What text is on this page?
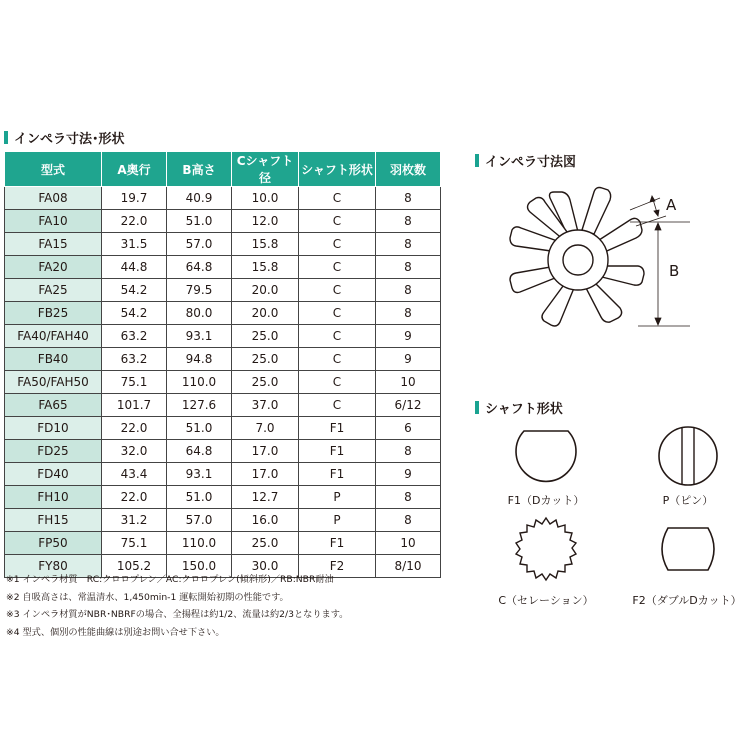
インペラ寸法･形状
型式	A奥行	B高さ	Cシャフト径	シャフト形状	羽枚数
FA08	19.7	40.9	10.0	C	8
FA10	22.0	51.0	12.0	C	8
FA15	31.5	57.0	15.8	C	8
FA20	44.8	64.8	15.8	C	8
FA25	54.2	79.5	20.0	C	8
FB25	54.2	80.0	20.0	C	8
FA40/FAH40	63.2	93.1	25.0	C	9
FB40	63.2	94.8	25.0	C	9
FA50/FAH50	75.1	110.0	25.0	C	10
FA65	101.7	127.6	37.0	C	6/12
FD10	22.0	51.0	7.0	F1	6
FD25	32.0	64.8	17.0	F1	8
FD40	43.4	93.1	17.0	F1	9
FH10	22.0	51.0	12.7	P	8
FH15	31.2	57.0	16.0	P	8
FP50	75.1	110.0	25.0	F1	10
FY80	105.2	150.0	30.0	F2	8/10
※1 インペラ材質　RC:クロロプレン／AC:クロロプレン(傾斜形)／RB:NBR耐油
※2 自吸高さは、常温清水、1,450min-1 運転開始初期の性能です。
※3 インペラ材質がNBR･NBRFの場合、全揚程は約1/2、流量は約2/3となります。
※4 型式、個別の性能曲線は別途お問い合せ下さい。
インペラ寸法図
A
B
シャフト形状
F1（Dカット）	P（ピン）
C（セレーション）	F2（ダブルDカット）
